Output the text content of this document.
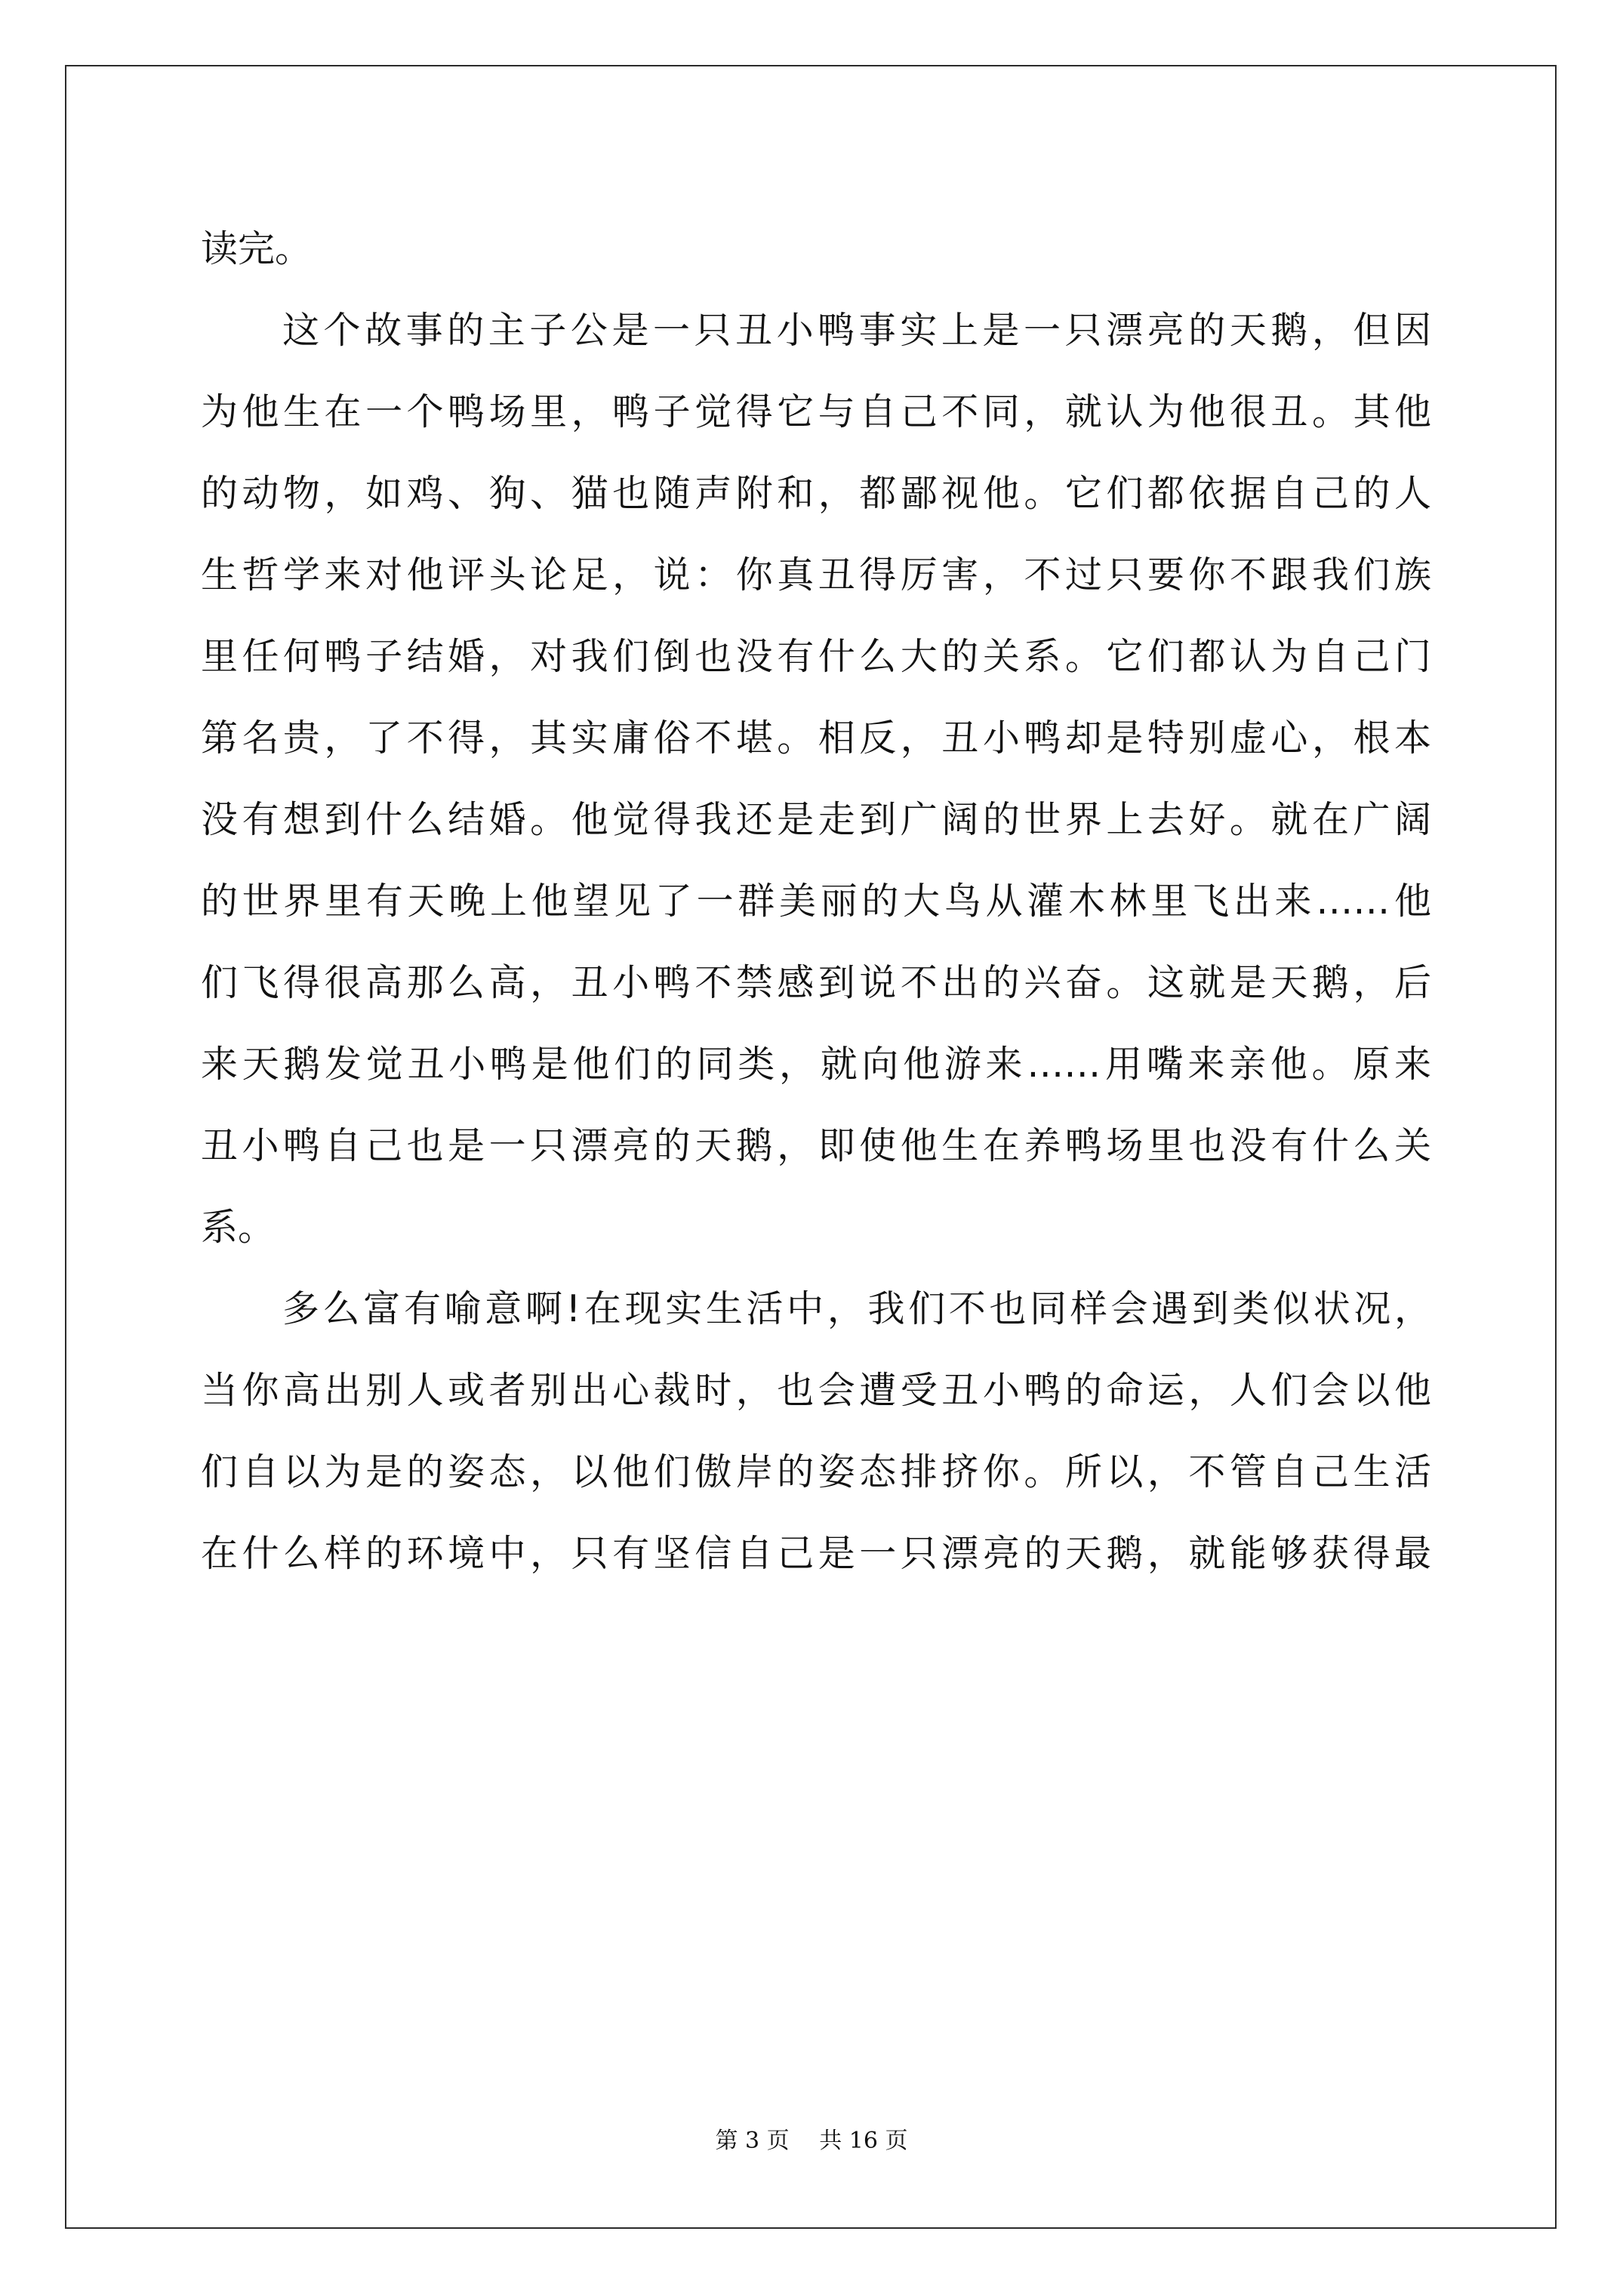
读完。
这个故事的主子公是一只丑小鸭事实上是一只漂亮的天鹅，但因
为他生在一个鸭场里，鸭子觉得它与自己不同，就认为他很丑。其他
的动物，如鸡、狗、猫也随声附和，都鄙视他。它们都依据自己的人
生哲学来对他评头论足，说：你真丑得厉害，不过只要你不跟我们族
里任何鸭子结婚，对我们倒也没有什么大的关系。它们都认为自己门
第名贵，了不得，其实庸俗不堪。相反，丑小鸭却是特别虚心，根本
没有想到什么结婚。他觉得我还是走到广阔的世界上去好。就在广阔
的世界里有天晚上他望见了一群美丽的大鸟从灌木林里飞出来……他
们飞得很高那么高，丑小鸭不禁感到说不出的兴奋。这就是天鹅，后
来天鹅发觉丑小鸭是他们的同类，就向他游来……用嘴来亲他。原来
丑小鸭自己也是一只漂亮的天鹅，即使他生在养鸭场里也没有什么关
系。
多么富有喻意啊!在现实生活中，我们不也同样会遇到类似状况，
当你高出别人或者别出心裁时，也会遭受丑小鸭的命运，人们会以他
们自以为是的姿态，以他们傲岸的姿态排挤你。所以，不管自己生活
在什么样的环境中，只有坚信自己是一只漂亮的天鹅，就能够获得最
第 3 页　 共 16 页
